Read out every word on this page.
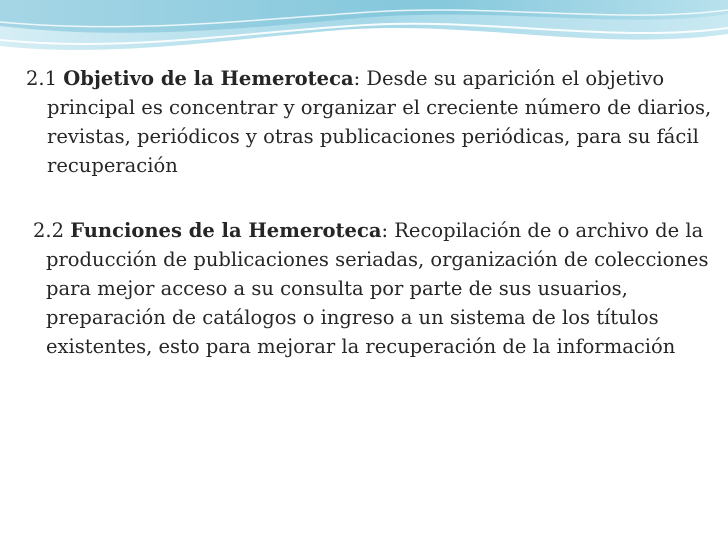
2.1 Objetivo de la Hemeroteca: Desde su aparición el objetivo principal es concentrar y organizar el creciente número de diarios, revistas, periódicos y otras publicaciones periódicas, para su fácil recuperación

2.2 Funciones de la Hemeroteca: Recopilación de o archivo de la producción de publicaciones seriadas, organización de colecciones para mejor acceso a su consulta por parte de sus usuarios, preparación de catálogos o ingreso a un sistema de los títulos existentes, esto para mejorar la recuperación de la información
